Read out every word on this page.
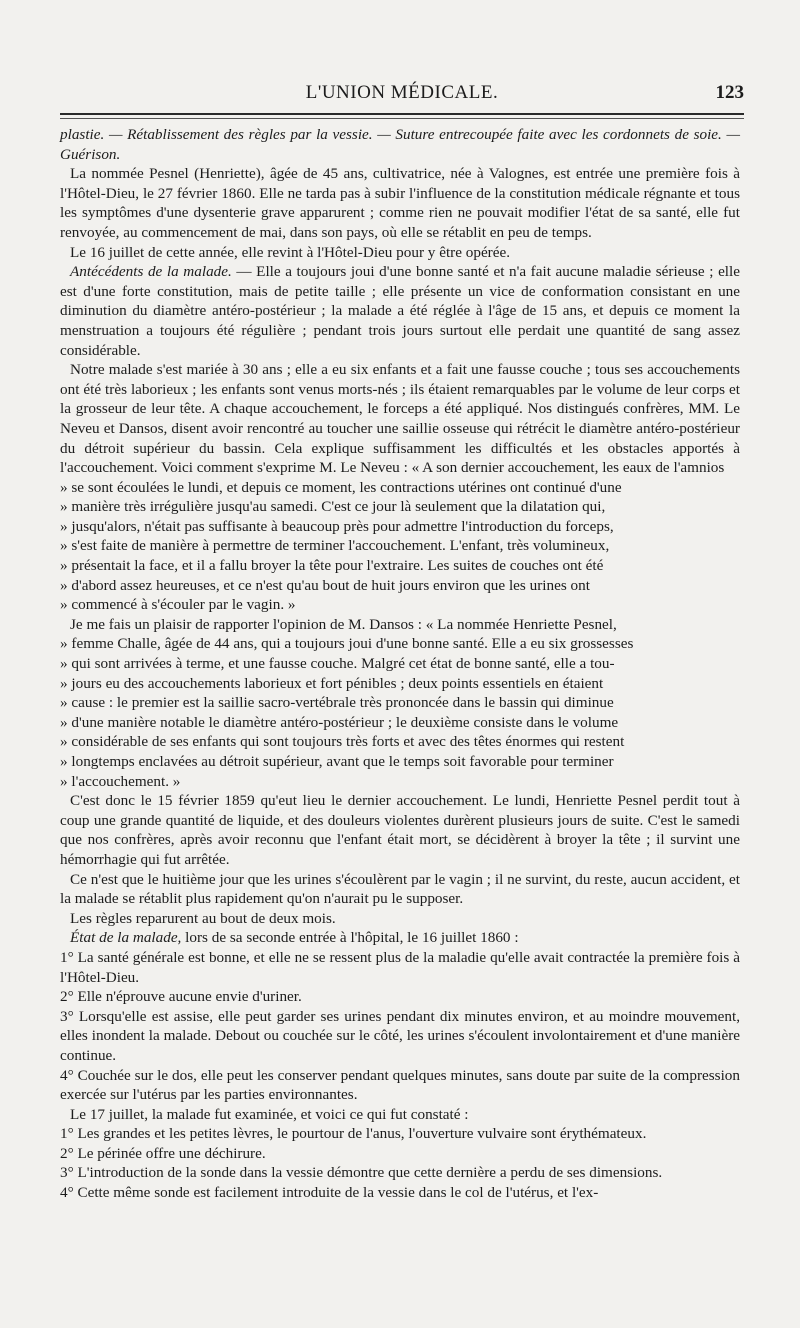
L'UNION MÉDICALE.	123

plastie. — Rétablissement des règles par la vessie. — Suture entrecoupée faite avec les cordonnets de soie. — Guérison.

La nommée Pesnel (Henriette), âgée de 45 ans, cultivatrice, née à Valognes, est entrée une première fois à l'Hôtel-Dieu, le 27 février 1860. Elle ne tarda pas à subir l'influence de la constitution médicale régnante et tous les symptômes d'une dysenterie grave apparurent ; comme rien ne pouvait modifier l'état de sa santé, elle fut renvoyée, au commencement de mai, dans son pays, où elle se rétablit en peu de temps.

Le 16 juillet de cette année, elle revint à l'Hôtel-Dieu pour y être opérée.

Antécédents de la malade. — Elle a toujours joui d'une bonne santé et n'a fait aucune maladie sérieuse ; elle est d'une forte constitution, mais de petite taille ; elle présente un vice de conformation consistant en une diminution du diamètre antéro-postérieur ; la malade a été réglée à l'âge de 15 ans, et depuis ce moment la menstruation a toujours été régulière ; pendant trois jours surtout elle perdait une quantité de sang assez considérable.

Notre malade s'est mariée à 30 ans ; elle a eu six enfants et a fait une fausse couche ; tous ses accouchements ont été très laborieux ; les enfants sont venus morts-nés ; ils étaient remarquables par le volume de leur corps et la grosseur de leur tête. A chaque accouchement, le forceps a été appliqué. Nos distingués confrères, MM. Le Neveu et Dansos, disent avoir rencontré au toucher une saillie osseuse qui rétrécit le diamètre antéro-postérieur du détroit supérieur du bassin. Cela explique suffisamment les difficultés et les obstacles apportés à l'accouchement. Voici comment s'exprime M. Le Neveu : « A son dernier accouchement, les eaux de l'amnios

» se sont écoulées le lundi, et depuis ce moment, les contractions utérines ont continué d'une
» manière très irrégulière jusqu'au samedi. C'est ce jour là seulement que la dilatation qui,
» jusqu'alors, n'était pas suffisante à beaucoup près pour admettre l'introduction du forceps,
» s'est faite de manière à permettre de terminer l'accouchement. L'enfant, très volumineux,
» présentait la face, et il a fallu broyer la tête pour l'extraire. Les suites de couches ont été
» d'abord assez heureuses, et ce n'est qu'au bout de huit jours environ que les urines ont
» commencé à s'écouler par le vagin. »

Je me fais un plaisir de rapporter l'opinion de M. Dansos : « La nommée Henriette Pesnel,

» femme Challe, âgée de 44 ans, qui a toujours joui d'une bonne santé. Elle a eu six grossesses
» qui sont arrivées à terme, et une fausse couche. Malgré cet état de bonne santé, elle a tou-
» jours eu des accouchements laborieux et fort pénibles ; deux points essentiels en étaient
» cause : le premier est la saillie sacro-vertébrale très prononcée dans le bassin qui diminue
» d'une manière notable le diamètre antéro-postérieur ; le deuxième consiste dans le volume
» considérable de ses enfants qui sont toujours très forts et avec des têtes énormes qui restent
» longtemps enclavées au détroit supérieur, avant que le temps soit favorable pour terminer
» l'accouchement. »

C'est donc le 15 février 1859 qu'eut lieu le dernier accouchement. Le lundi, Henriette Pesnel perdit tout à coup une grande quantité de liquide, et des douleurs violentes durèrent plusieurs jours de suite. C'est le samedi que nos confrères, après avoir reconnu que l'enfant était mort, se décidèrent à broyer la tête ; il survint une hémorrhagie qui fut arrêtée.

Ce n'est que le huitième jour que les urines s'écoulèrent par le vagin ; il ne survint, du reste, aucun accident, et la malade se rétablit plus rapidement qu'on n'aurait pu le supposer.

Les règles reparurent au bout de deux mois.

État de la malade, lors de sa seconde entrée à l'hôpital, le 16 juillet 1860 :

1° La santé générale est bonne, et elle ne se ressent plus de la maladie qu'elle avait contractée la première fois à l'Hôtel-Dieu.

2° Elle n'éprouve aucune envie d'uriner.

3° Lorsqu'elle est assise, elle peut garder ses urines pendant dix minutes environ, et au moindre mouvement, elles inondent la malade. Debout ou couchée sur le côté, les urines s'écoulent involontairement et d'une manière continue.

4° Couchée sur le dos, elle peut les conserver pendant quelques minutes, sans doute par suite de la compression exercée sur l'utérus par les parties environnantes.

Le 17 juillet, la malade fut examinée, et voici ce qui fut constaté :

1° Les grandes et les petites lèvres, le pourtour de l'anus, l'ouverture vulvaire sont érythémateux.

2° Le périnée offre une déchirure.

3° L'introduction de la sonde dans la vessie démontre que cette dernière a perdu de ses dimensions.

4° Cette même sonde est facilement introduite de la vessie dans le col de l'utérus, et l'ex-
